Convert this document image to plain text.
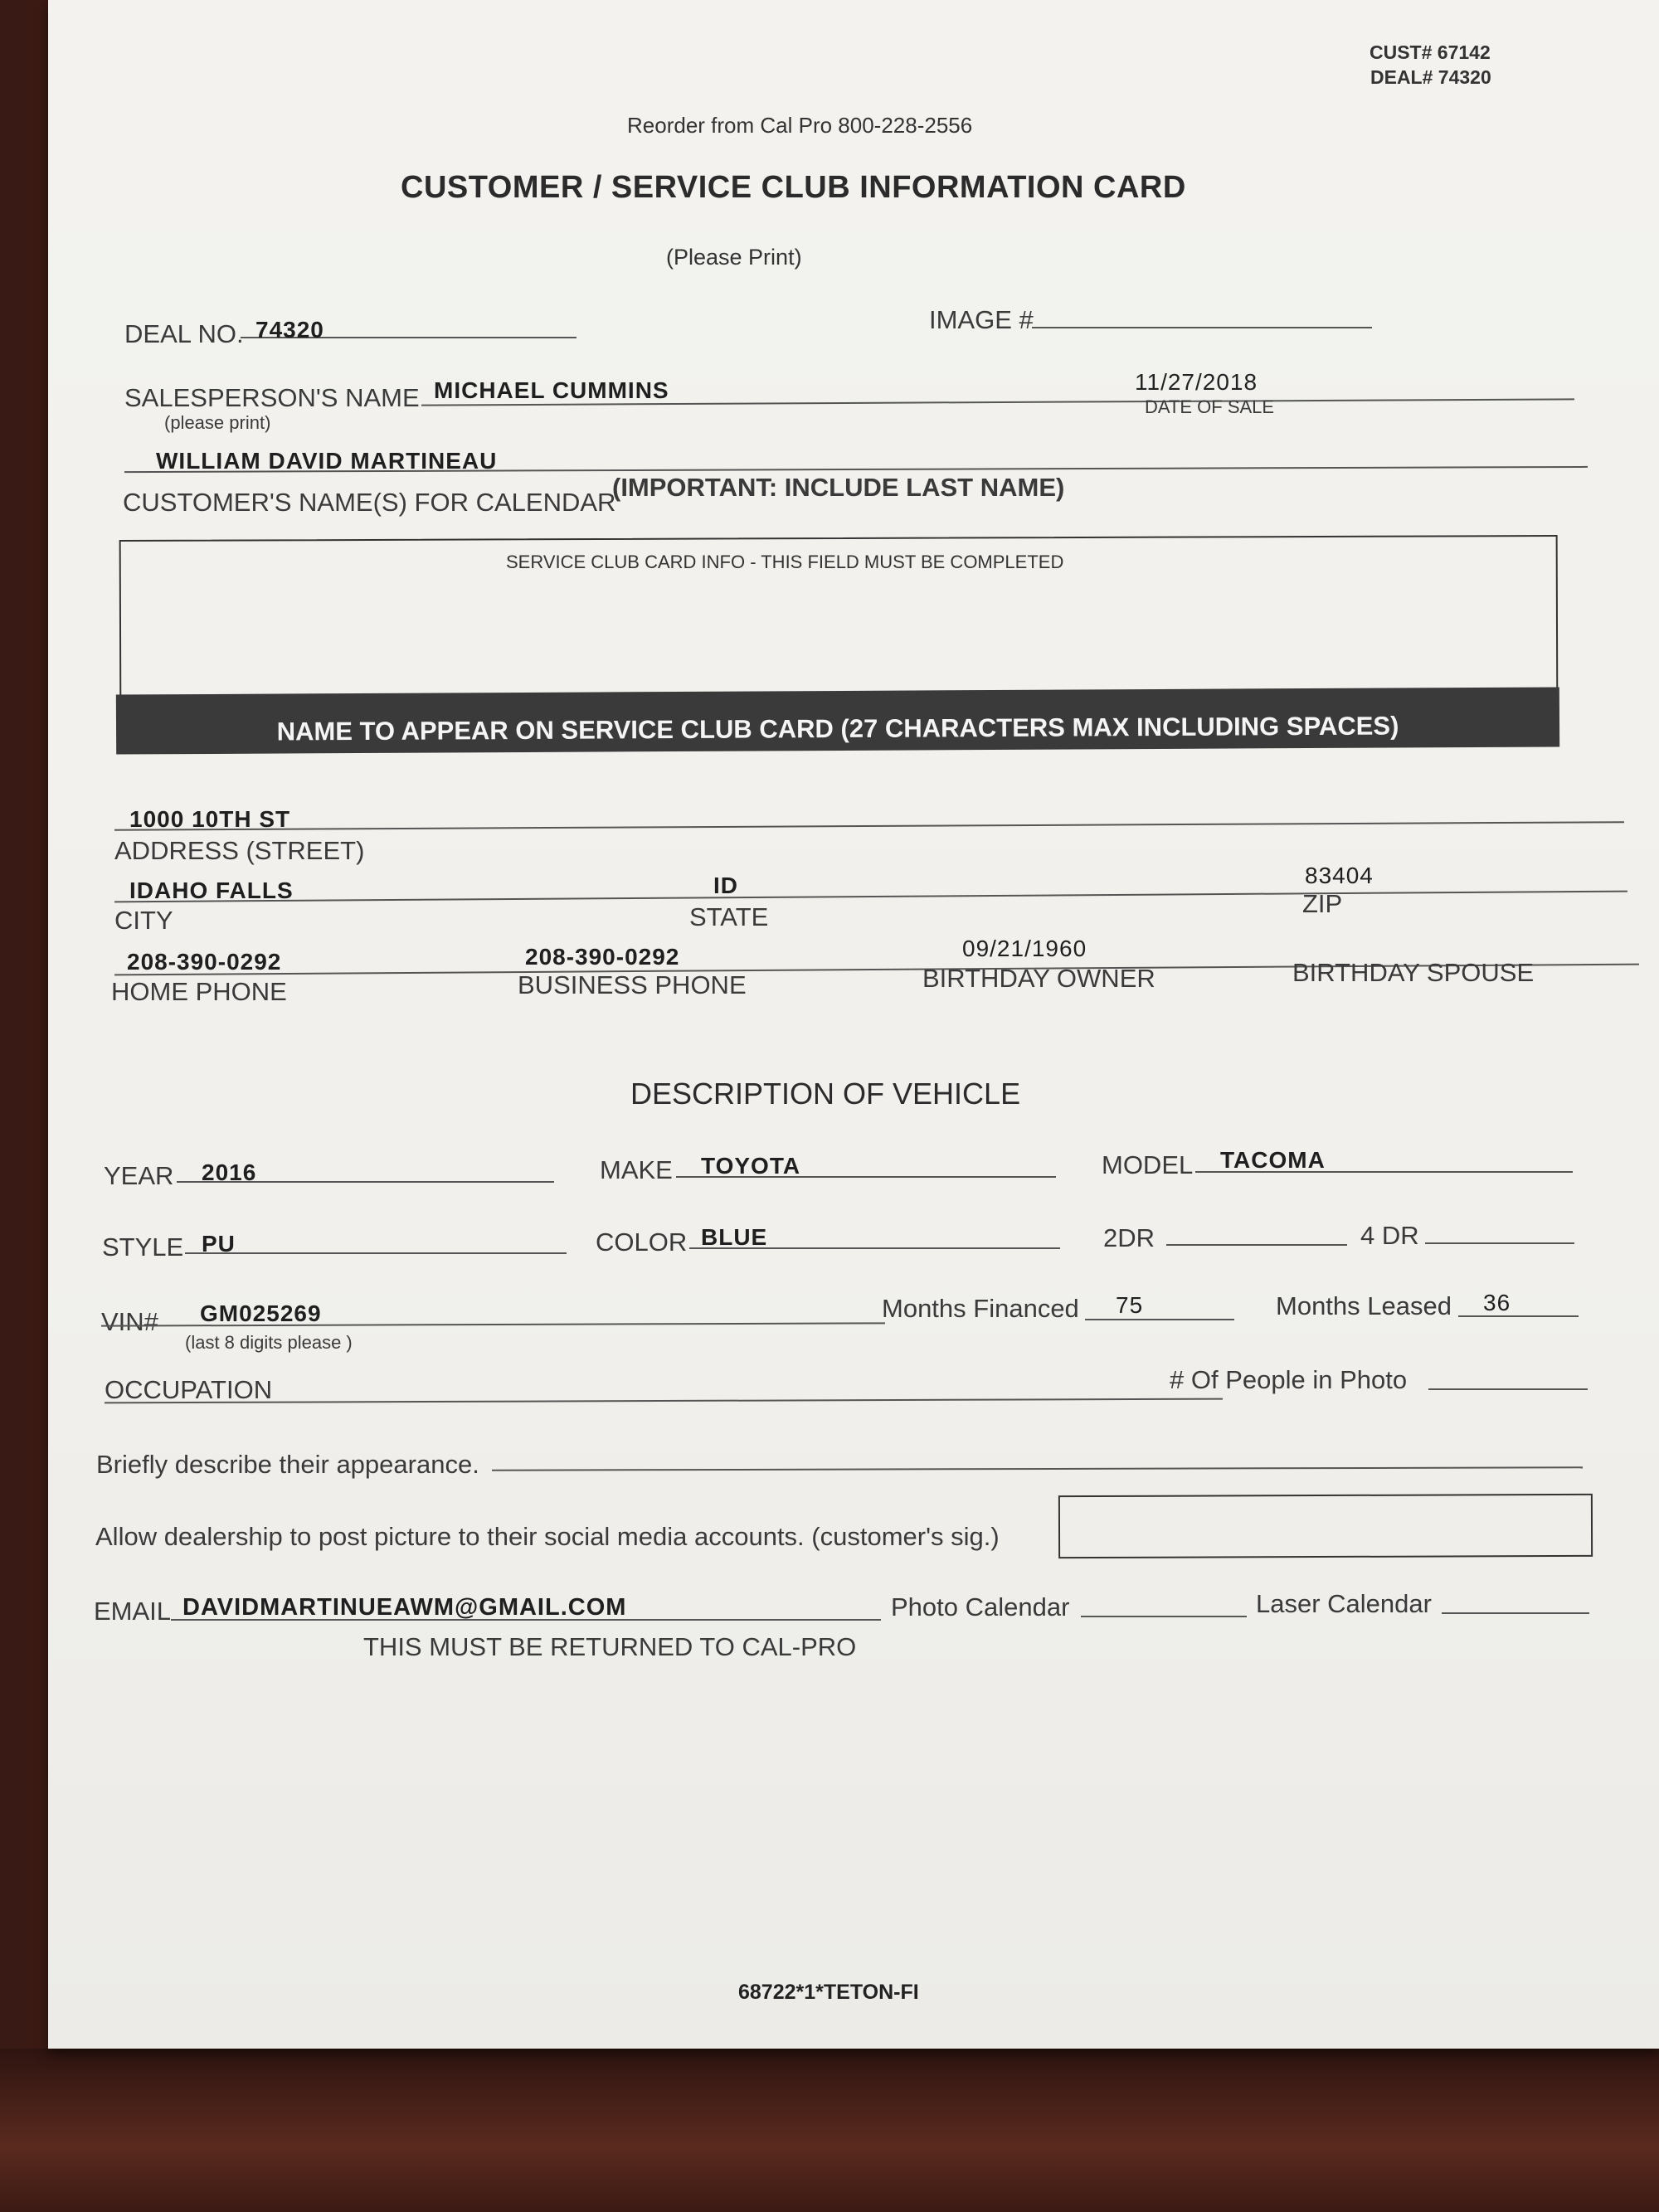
CUST# 67142
DEAL# 74320
Reorder from Cal Pro 800-228-2556
CUSTOMER / SERVICE CLUB INFORMATION CARD
(Please Print)
DEAL NO. 74320	IMAGE #
SALESPERSON'S NAME
(please print)
MICHAEL CUMMINS	11/27/2018
DATE OF SALE
WILLIAM DAVID MARTINEAU
CUSTOMER'S NAME(S) FOR CALENDAR
(IMPORTANT: INCLUDE LAST NAME)
SERVICE CLUB CARD INFO - THIS FIELD MUST BE COMPLETED
NAME TO APPEAR ON SERVICE CLUB CARD (27 CHARACTERS MAX INCLUDING SPACES)
1000 10TH ST
ADDRESS (STREET)
IDAHO FALLS	ID	83404
CITY	STATE	ZIP
208-390-0292	208-390-0292	09/21/1960
HOME PHONE	BUSINESS PHONE	BIRTHDAY OWNER	BIRTHDAY SPOUSE
DESCRIPTION OF VEHICLE
YEAR 2016	MAKE TOYOTA	MODEL TACOMA
STYLE PU	COLOR BLUE	2DR	4 DR
VIN# GM025269
(last 8 digits please )
Months Financed 75	Months Leased 36
OCCUPATION	# Of People in Photo
Briefly describe their appearance.
Allow dealership to post picture to their social media accounts. (customer's sig.)
EMAIL DAVIDMARTINUEAWM@GMAIL.COM	Photo Calendar	Laser Calendar
THIS MUST BE RETURNED TO CAL-PRO
68722*1*TETON-FI
